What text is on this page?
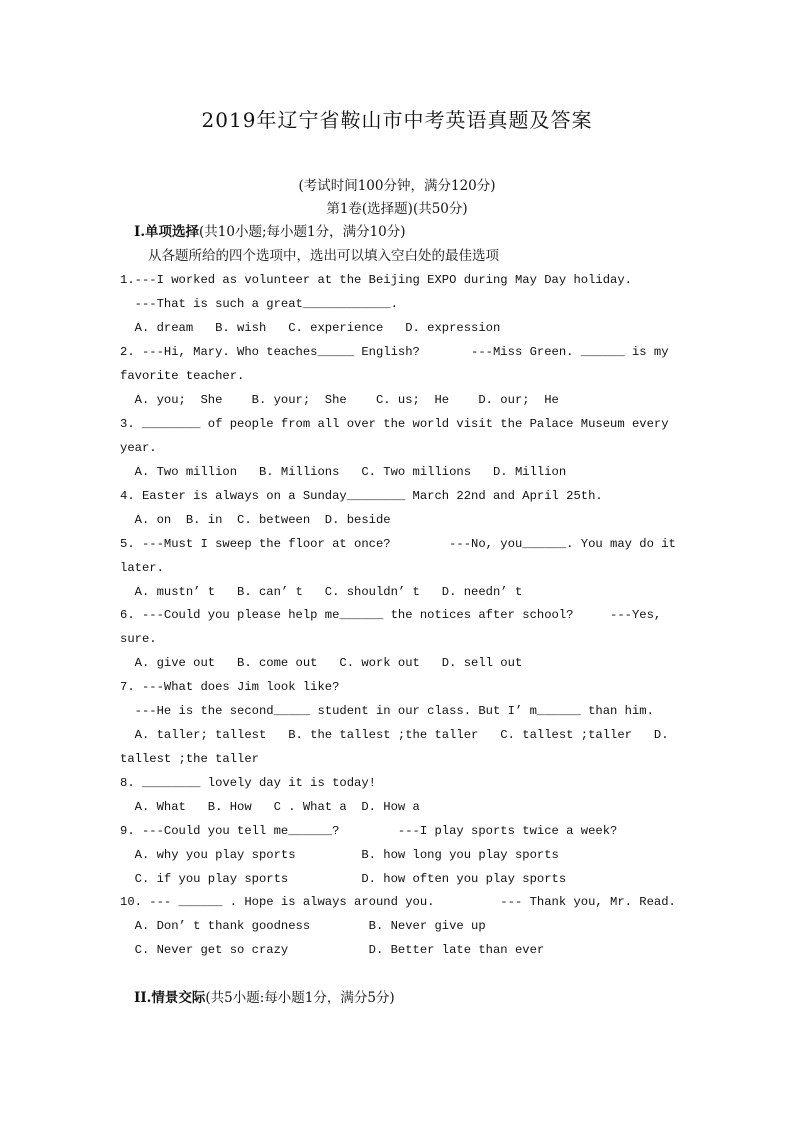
2019年辽宁省鞍山市中考英语真题及答案
(考试时间100分钟，满分120分)
第1卷(选择题)(共50分)
I.单项选择(共10小题;每小题1分，满分10分)
从各题所给的四个选项中，选出可以填入空白处的最佳选项
1.---I worked as volunteer at the Beijing EXPO during May Day holiday.
---That is such a great____________.
A. dream   B. wish   C. experience   D. expression
2. ---Hi, Mary. Who teaches_____ English?       ---Miss Green. ______ is my
favorite teacher.
A. you;  She    B. your;  She    C. us;  He    D. our;  He
3. ________ of people from all over the world visit the Palace Museum every
year.
A. Two million   B. Millions   C. Two millions   D. Million
4. Easter is always on a Sunday________ March 22nd and April 25th.
A. on  B. in  C. between  D. beside
5. ---Must I sweep the floor at once?        ---No, you______. You may do it
later.
A. mustn’ t   B. can’ t   C. shouldn’ t   D. needn’ t
6. ---Could you please help me______ the notices after school?     ---Yes,
sure.
A. give out   B. come out   C. work out   D. sell out
7. ---What does Jim look like?
---He is the second_____ student in our class. But I’ m______ than him.
A. taller; tallest   B. the tallest ;the taller   C. tallest ;taller   D.
tallest ;the taller
8. ________ lovely day it is today!
A. What   B. How   C . What a  D. How a
9. ---Could you tell me______?        ---I play sports twice a week?
A. why you play sports         B. how long you play sports
C. if you play sports          D. how often you play sports
10. --- ______ . Hope is always around you.         --- Thank you, Mr. Read.
A. Don’ t thank goodness        B. Never give up
C. Never get so crazy           D. Better late than ever
II.情景交际(共5小题:每小题1分，满分5分)
